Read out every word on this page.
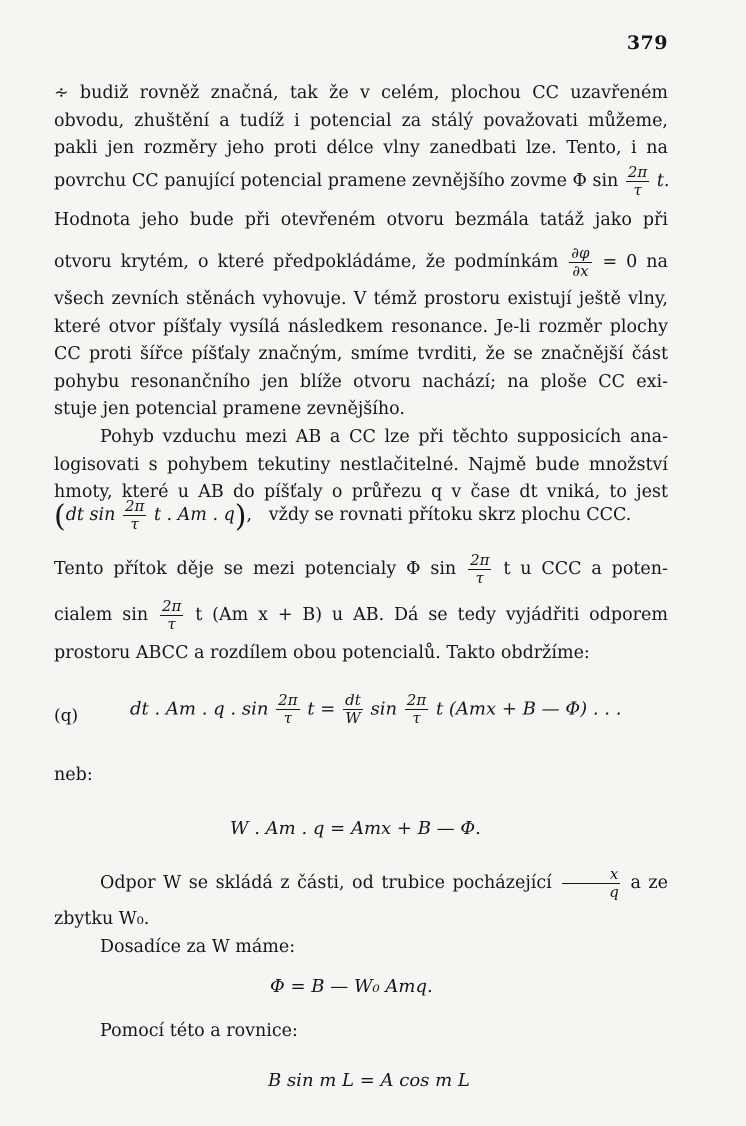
379
∻ budiž rovněž značná, tak že v celém, plochou CC uzavřeném
obvodu, zhuštění a tudíž i potencial za stálý považovati můžeme,
pakli jen rozměry jeho proti délce vlny zanedbati lze. Tento, i na
povrchu CC panující potencial pramene zevnějšího zovme Φ $\sin \frac{2\pi}{\tau} t$.
Hodnota jeho bude při otevřeném otvoru bezmála tatáž jako při
otvoru krytém, o které předpokládáme, že podmínkám $\frac{\partial\varphi}{\partial x} = 0$ na
všech zevních stěnách vyhovuje. V témž prostoru existují ještě vlny,
které otvor píšťaly vysílá následkem resonance. Je-li rozměr plochy
CC proti šířce píšťaly značným, smíme tvrditi, že se značnější část
pohybu resonančního jen blíže otvoru nachází; na ploše CC exi-
stuje jen potencial pramene zevnějšího.
Pohyb vzduchu mezi AB a CC lze při těchto supposicích ana-
logisovati s pohybem tekutiny nestlačitelné. Najmě bude množství
hmoty, které u AB do píšťaly o průřezu q v čase dt vniká, to jest
(dt $\sin \frac{2\pi}{\tau}$ t . Am . q),   vždy se rovnati přítoku skrz plochu CCC.
Tento přítok děje se mezi potencialy Φ $\sin \frac{2\pi}{\tau}$ t u CCC a poten-
cialem $\sin \frac{2\pi}{\tau}$ t (Am x + B) u AB. Dá se tedy vyjádřiti odporem
prostoru ABCC a rozdílem obou potencialů. Takto obdržíme:
(q)	dt . Am . q . $\sin \frac{2\pi}{\tau}$ $t = \frac{dt}{W}$ $\sin \frac{2\pi}{\tau}$ t (Amx + B — Φ) . . .
neb:
W . Am . q = Amx + B — Φ.
Odpor W se skládá z části, od trubice pocházející $\frac{x}{q}$ a ze
zbytku W₀.
Dosadíce za W máme:
Φ = B — W₀ Amq.
Pomocí této a rovnice:
B sin m L = A cos m L
